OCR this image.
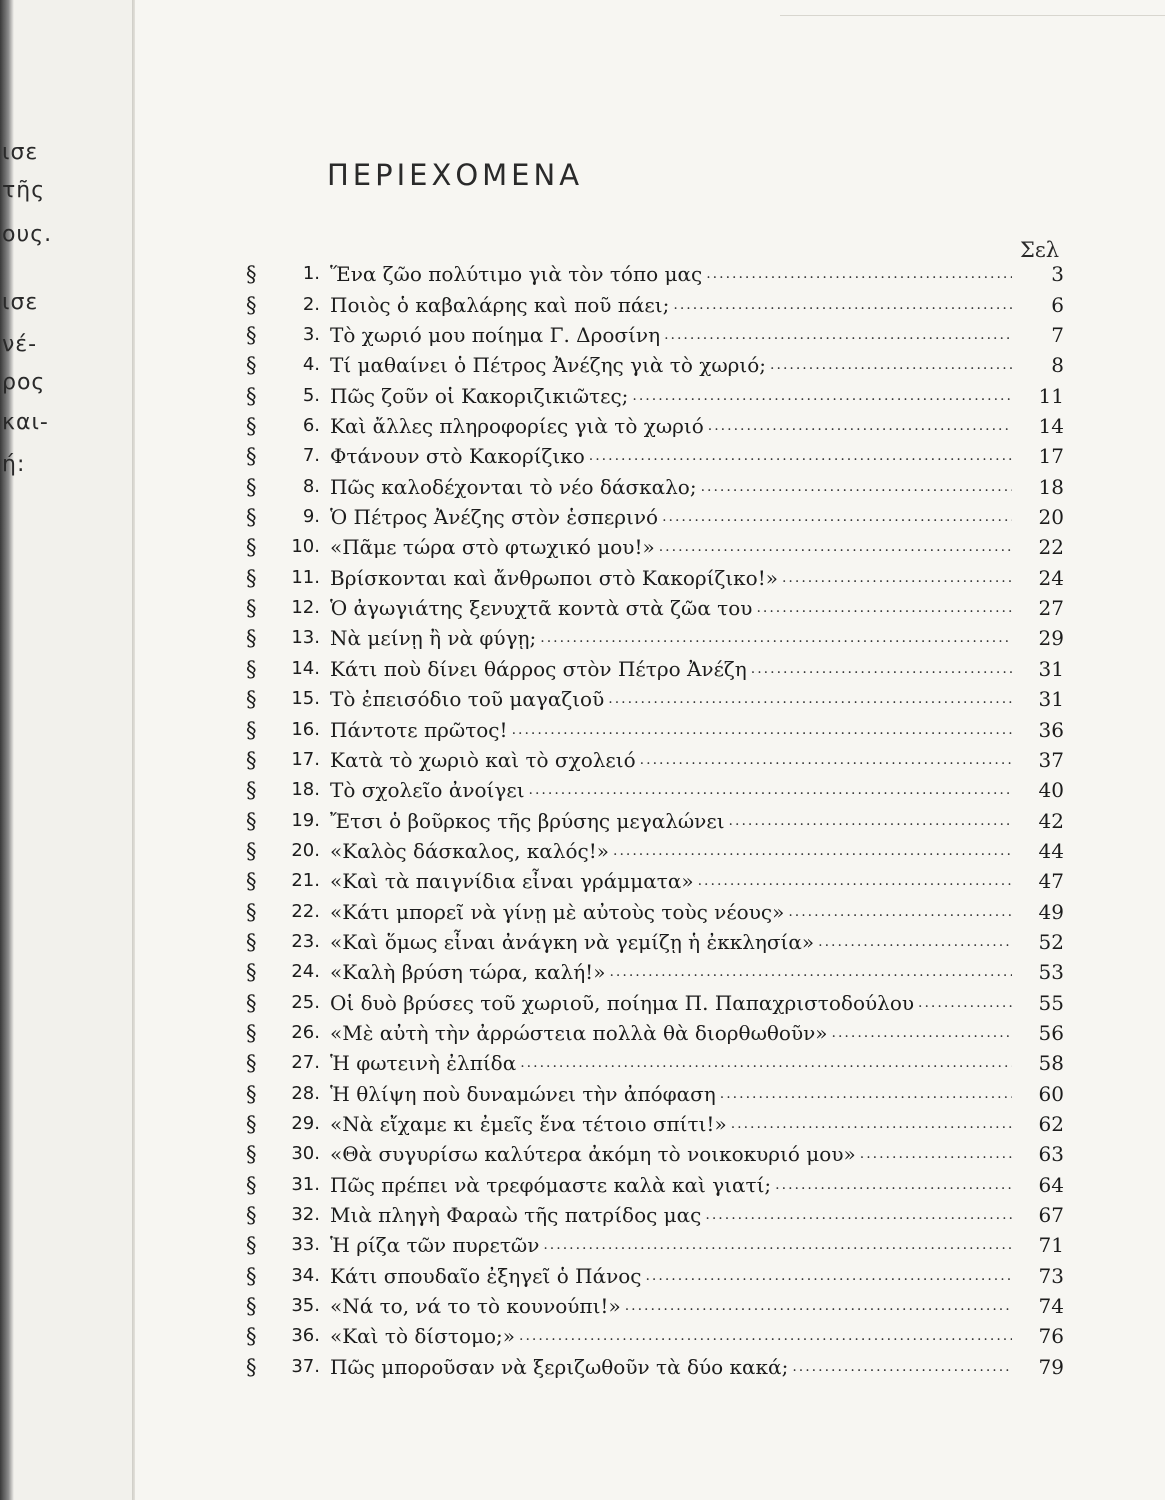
ισε
τῆς
ους.
ισε
νέ-
ρος
και-
ή:
ΠΕΡΙΕΧΟΜΕΝΑ
Σελ
§	1. Ἕνα ζῶο πολύτιμο γιὰ τὸν τόπο μας .....	3
§	2. Ποιὸς ὁ καβαλάρης καὶ ποῦ πάει; .....	6
§	3. Τὸ χωριό μου ποίημα Γ. Δροσίνη .....	7
§	4. Τί μαθαίνει ὁ Πέτρος Ἀνέζης γιὰ τὸ χωριό; .....	8
§	5. Πῶς ζοῦν οἱ Κακοριζικιῶτες; .....	11
§	6. Καὶ ἄλλες πληροφορίες γιὰ τὸ χωριό .....	14
§	7. Φτάνουν στὸ Κακορίζικο .....	17
§	8. Πῶς καλοδέχονται τὸ νέο δάσκαλο; .....	18
§	9. Ὁ Πέτρος Ἀνέζης στὸν ἑσπερινό .....	20
§	10. «Πᾶμε τώρα στὸ φτωχικό μου!» .....	22
§	11. Βρίσκονται καὶ ἄνθρωποι στὸ Κακορίζικο!» .....	24
§	12. Ὁ ἀγωγιάτης ξενυχτᾶ κοντὰ στὰ ζῶα του .....	27
§	13. Νὰ μείνῃ ἢ νὰ φύγῃ; .....	29
§	14. Κάτι ποὺ δίνει θάρρος στὸν Πέτρο Ἀνέζη .....	31
§	15. Τὸ ἐπεισόδιο τοῦ μαγαζιοῦ .....	31
§	16. Πάντοτε πρῶτος! .....	36
§	17. Κατὰ τὸ χωριὸ καὶ τὸ σχολειό .....	37
§	18. Τὸ σχολεῖο ἀνοίγει .....	40
§	19. Ἔτσι ὁ βοῦρκος τῆς βρύσης μεγαλώνει .....	42
§	20. «Καλὸς δάσκαλος, καλός!» .....	44
§	21. «Καὶ τὰ παιγνίδια εἶναι γράμματα» .....	47
§	22. «Κάτι μπορεῖ νὰ γίνῃ μὲ αὐτοὺς τοὺς νέους» .....	49
§	23. «Καὶ ὅμως εἶναι ἀνάγκη νὰ γεμίζῃ ἡ ἐκκλησία» .....	52
§	24. «Καλὴ βρύση τώρα, καλή!» .....	53
§	25. Οἱ δυὸ βρύσες τοῦ χωριοῦ, ποίημα Π. Παπαχριστοδούλου .....	55
§	26. «Μὲ αὐτὴ τὴν ἀρρώστεια πολλὰ θὰ διορθωθοῦν» .....	56
§	27. Ἡ φωτεινὴ ἐλπίδα .....	58
§	28. Ἡ θλίψη ποὺ δυναμώνει τὴν ἀπόφαση .....	60
§	29. «Νὰ εἴχαμε κι ἐμεῖς ἕνα τέτοιο σπίτι!» .....	62
§	30. «Θὰ συγυρίσω καλύτερα ἀκόμη τὸ νοικοκυριό μου» .....	63
§	31. Πῶς πρέπει νὰ τρεφόμαστε καλὰ καὶ γιατί; .....	64
§	32. Μιὰ πληγὴ Φαραὼ τῆς πατρίδος μας .....	67
§	33. Ἡ ρίζα τῶν πυρετῶν .....	71
§	34. Κάτι σπουδαῖο ἐξηγεῖ ὁ Πάνος .....	73
§	35. «Νά το, νά το τὸ κουνούπι!» .....	74
§	36. «Καὶ τὸ δίστομο;» .....	76
§	37. Πῶς μποροῦσαν νὰ ξεριζωθοῦν τὰ δύο κακά; .....	79
